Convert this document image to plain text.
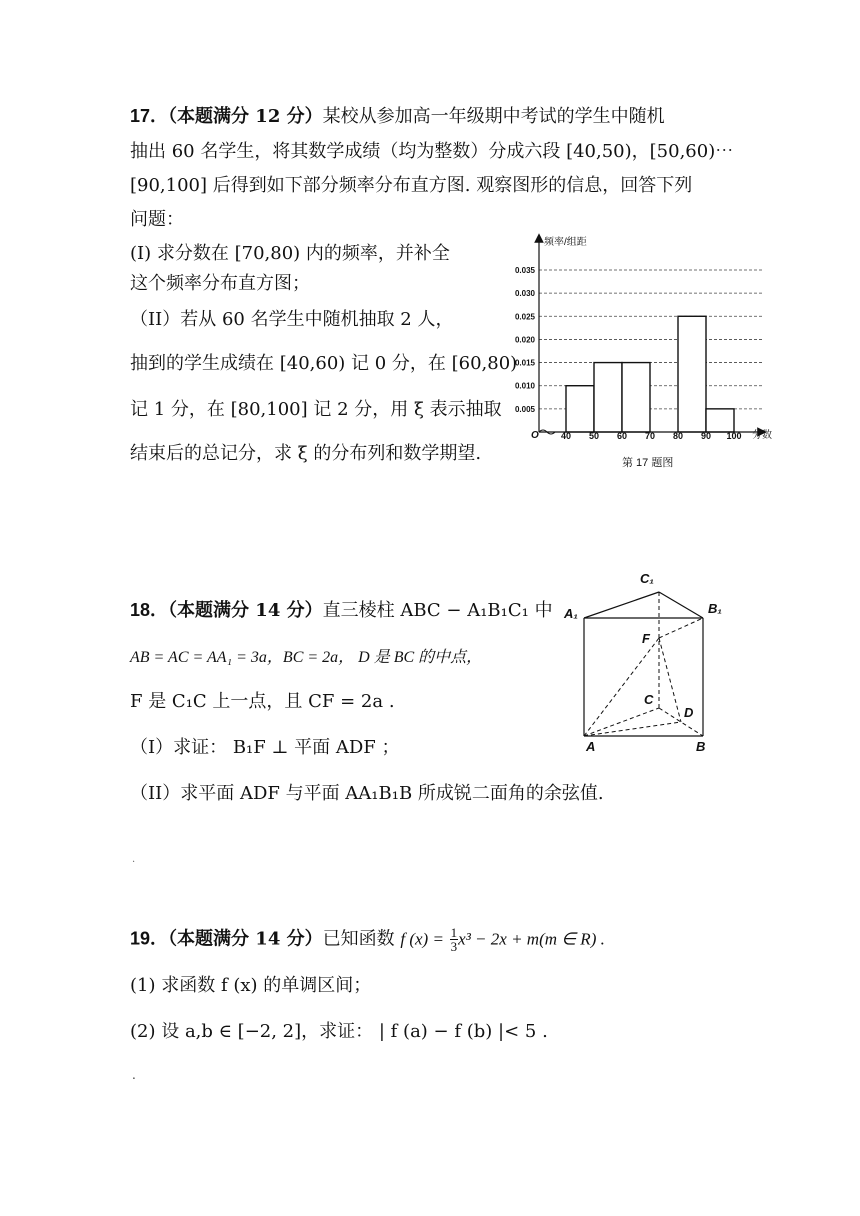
17．（本题满分 12 分）某校从参加高一年级期中考试的学生中随机
抽出 60 名学生，将其数学成绩（均为整数）分成六段 [40,50)，[50,60)⋯
[90,100] 后得到如下部分频率分布直方图. 观察图形的信息，回答下列
问题：
(Ⅰ) 求分数在 [70,80) 内的频率，并补全
这个频率分布直方图；
（II）若从 60 名学生中随机抽取 2 人，
抽到的学生成绩在 [40,60) 记 0 分，在 [60,80)
记 1 分，在 [80,100] 记 2 分，用 ξ 表示抽取
结束后的总记分，求 ξ 的分布列和数学期望.
频率/组距
分数
O
0.005
0.010
0.015
0.020
0.025
0.030
0.035
40 50 60 70 80 90 100
第 17 题图
18．（本题满分 14 分）直三棱柱 ABC − A₁B₁C₁ 中
AB = AC = AA₁ = 3a，BC = 2a， D 是 BC 的中点，
F 是 C₁C 上一点，且 CF = 2a .
（I）求证： B₁F ⊥ 平面 ADF ；
（II）求平面 ADF 与平面 AA₁B₁B 所成锐二面角的余弦值.
C₁
A₁	B₁
F
C
D
A	B
.
19．（本题满分 14 分）已知函数 f $(x) = \frac{1}{3} x^3 - 2x + m(m$ ∈ R) .
(1) 求函数 f (x) 的单调区间；
(2) 设 a,b ∈ [−2, 2]，求证： | f (a) − f (b) |< 5 .
.
